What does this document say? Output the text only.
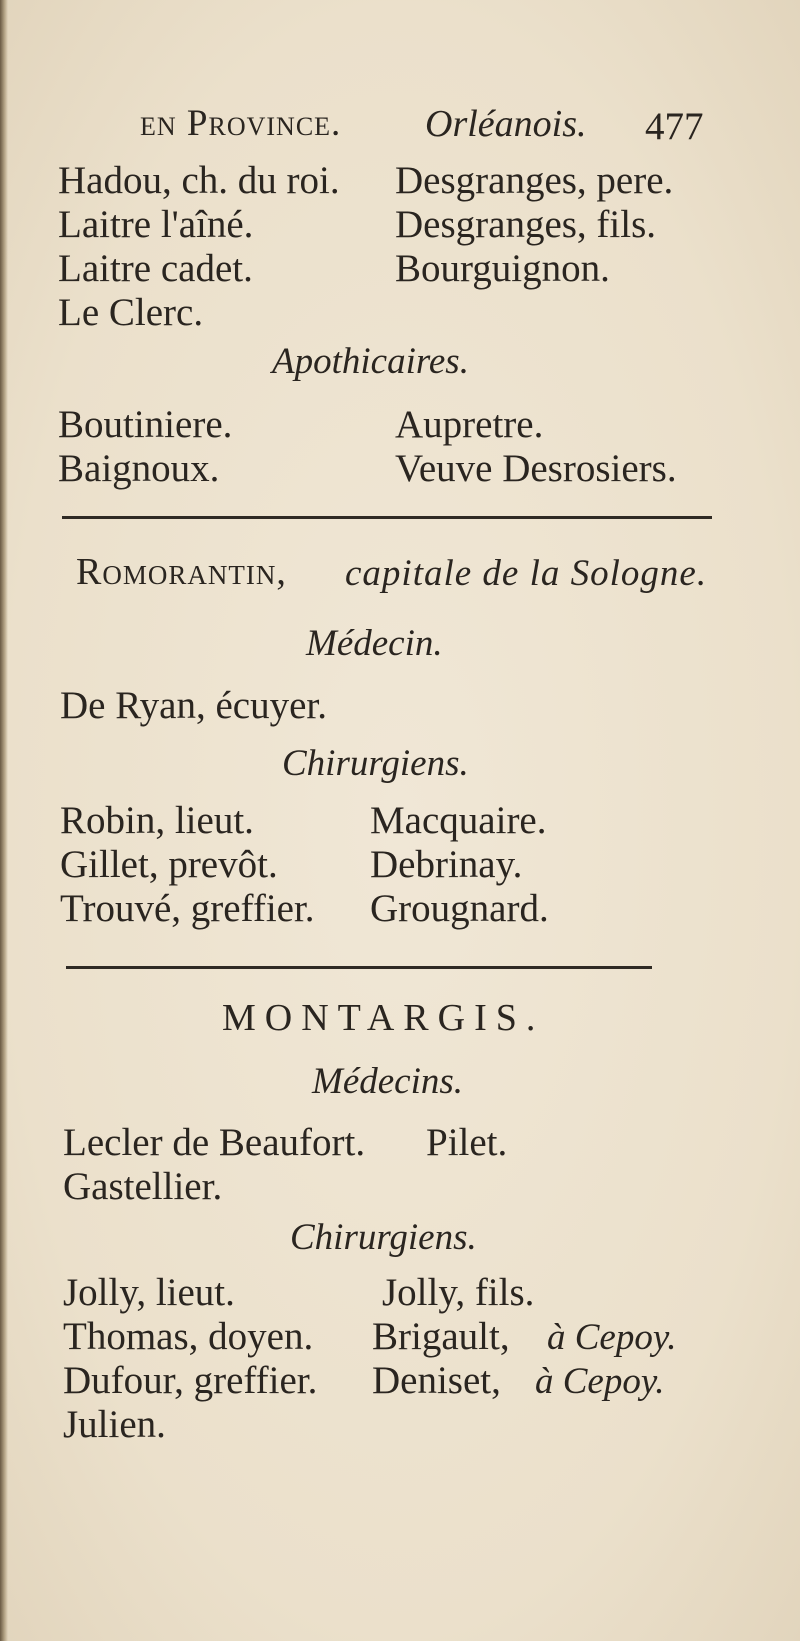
en Province. Orléanois. 477
Hadou, ch. du roi.
Laitre l'aîné.
Laitre cadet.
Le Clerc.
Desgranges, pere.
Desgranges, fils.
Bourguignon.
Apothicaires.
Boutiniere.
Baignoux.
Aupretre.
Veuve Desrosiers.
Romorantin, capitale de la Sologne.
Médecin.
De Ryan, écuyer.
Chirurgiens.
Robin, lieut.
Gillet, prevôt.
Trouvé, greffier.
Macquaire.
Debrinay.
Grougnard.
MONTARGIS.
Médecins.
Lecler de Beaufort.
Gastellier.
Pilet.
Chirurgiens.
Jolly, lieut.
Thomas, doyen.
Dufour, greffier.
Julien.
Jolly, fils.
Brigault, à Cepoy.
Deniset, à Cepoy.
